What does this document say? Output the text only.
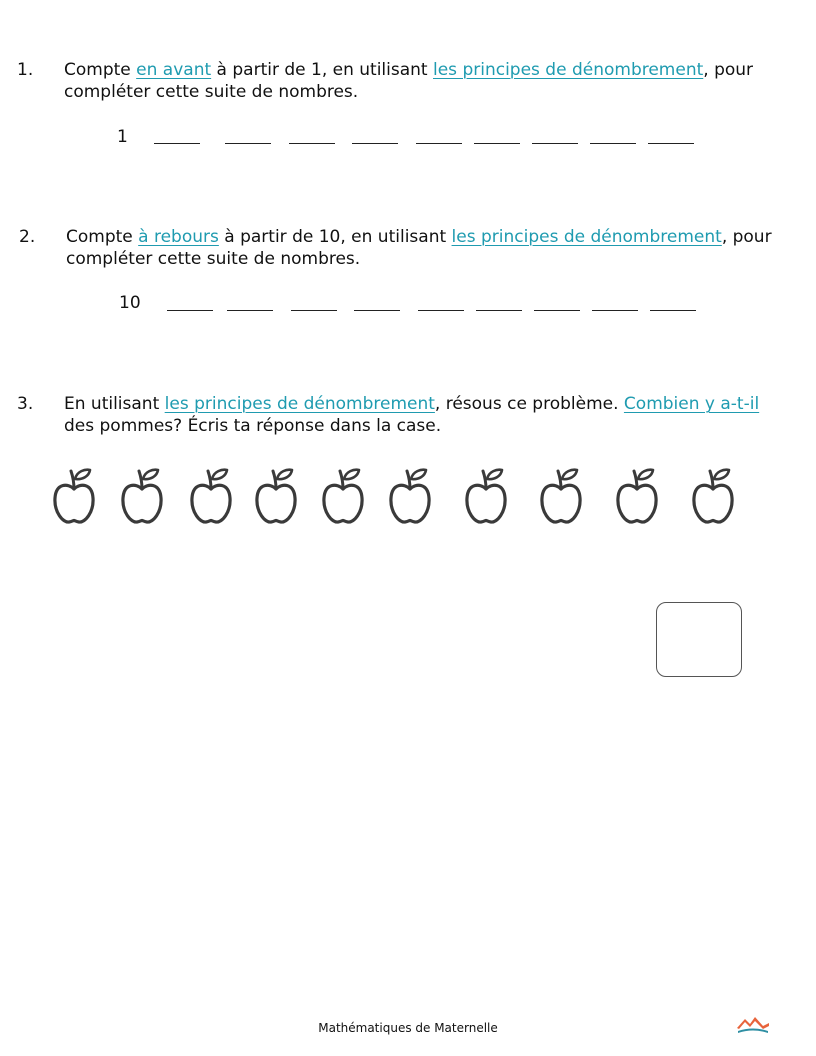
1. Compte en avant à partir de 1, en utilisant les principes de dénombrement, pour
compléter cette suite de nombres.
1
2. Compte à rebours à partir de 10, en utilisant les principes de dénombrement, pour
compléter cette suite de nombres.
10
3. En utilisant les principes de dénombrement, résous ce problème. Combien y a-t-il
des pommes? Écris ta réponse dans la case.
Mathématiques de Maternelle
